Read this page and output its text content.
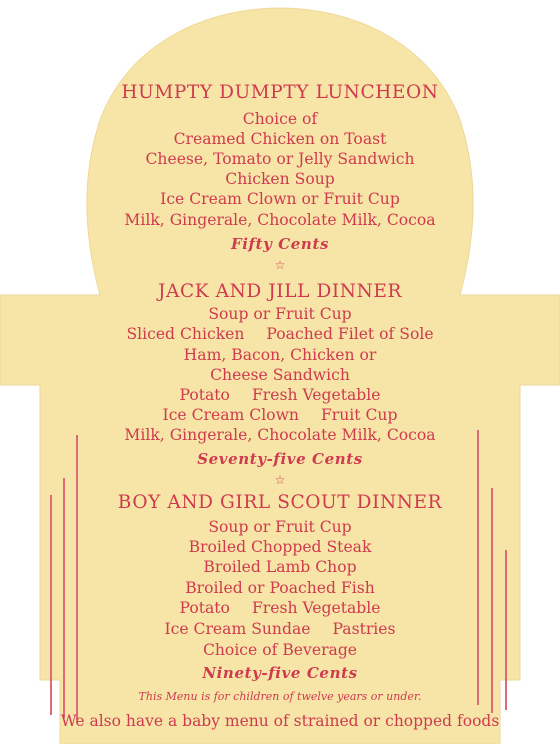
HUMPTY DUMPTY LUNCHEON
Choice of
Creamed Chicken on Toast
Cheese, Tomato or Jelly Sandwich
Chicken Soup
Ice Cream Clown or Fruit Cup
Milk, Gingerale, Chocolate Milk, Cocoa
Fifty Cents
☆
JACK AND JILL DINNER
Soup or Fruit Cup
Sliced Chicken Poached Filet of Sole
Ham, Bacon, Chicken or
Cheese Sandwich
Potato Fresh Vegetable
Ice Cream Clown Fruit Cup
Milk, Gingerale, Chocolate Milk, Cocoa
Seventy-five Cents
☆
BOY AND GIRL SCOUT DINNER
Soup or Fruit Cup
Broiled Chopped Steak
Broiled Lamb Chop
Broiled or Poached Fish
Potato Fresh Vegetable
Ice Cream Sundae Pastries
Choice of Beverage
Ninety-five Cents
This Menu is for children of twelve years or under.
We also have a baby menu of strained or chopped foods
